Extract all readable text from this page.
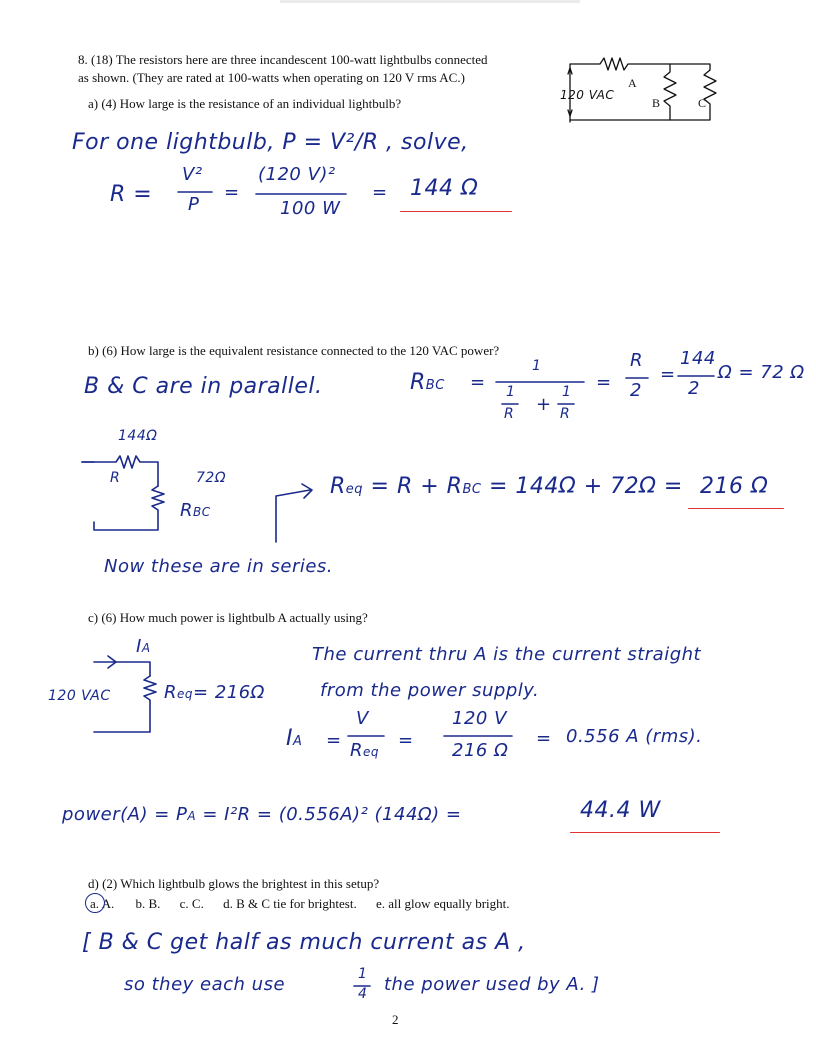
8. (18) The resistors here are three incandescent 100-watt lightbulbs connected
as shown. (They are rated at 100-watts when operating on 120 V rms AC.)
120 VAC
A
B	C
a) (4) How large is the resistance of an individual lightbulb?
For one lightbulb, P = V²/R , solve,
R =
V²
P
=
(120 V)²
100 W
= 144 Ω
b) (6) How large is the equivalent resistance connected to the 120 VAC power?
B & C are in parallel.	RBC =
1
1
R +
1
R
=
R
2
=
144
2
Ω = 72 Ω
144Ω
R	72Ω
RBC
Req = R + RBC = 144Ω + 72Ω = 216 Ω
Now these are in series.
c) (6) How much power is lightbulb A actually using?
IA
120 VAC	Req= 216Ω
The current thru A is the current straight
from the power supply.
IA =
V
Req
=
120 V
216 Ω
= 0.556 A (rms).
power(A) = PA = I²R = (0.556A)² (144Ω) =	44.4 W
d) (2) Which lightbulb glows the brightest in this setup?
a. A. b. B. c. C. d. B & C tie for brightest. e. all glow equally bright.
[ B & C get half as much current as A ,
so they each use	1
4 the power used by A. ]
2
